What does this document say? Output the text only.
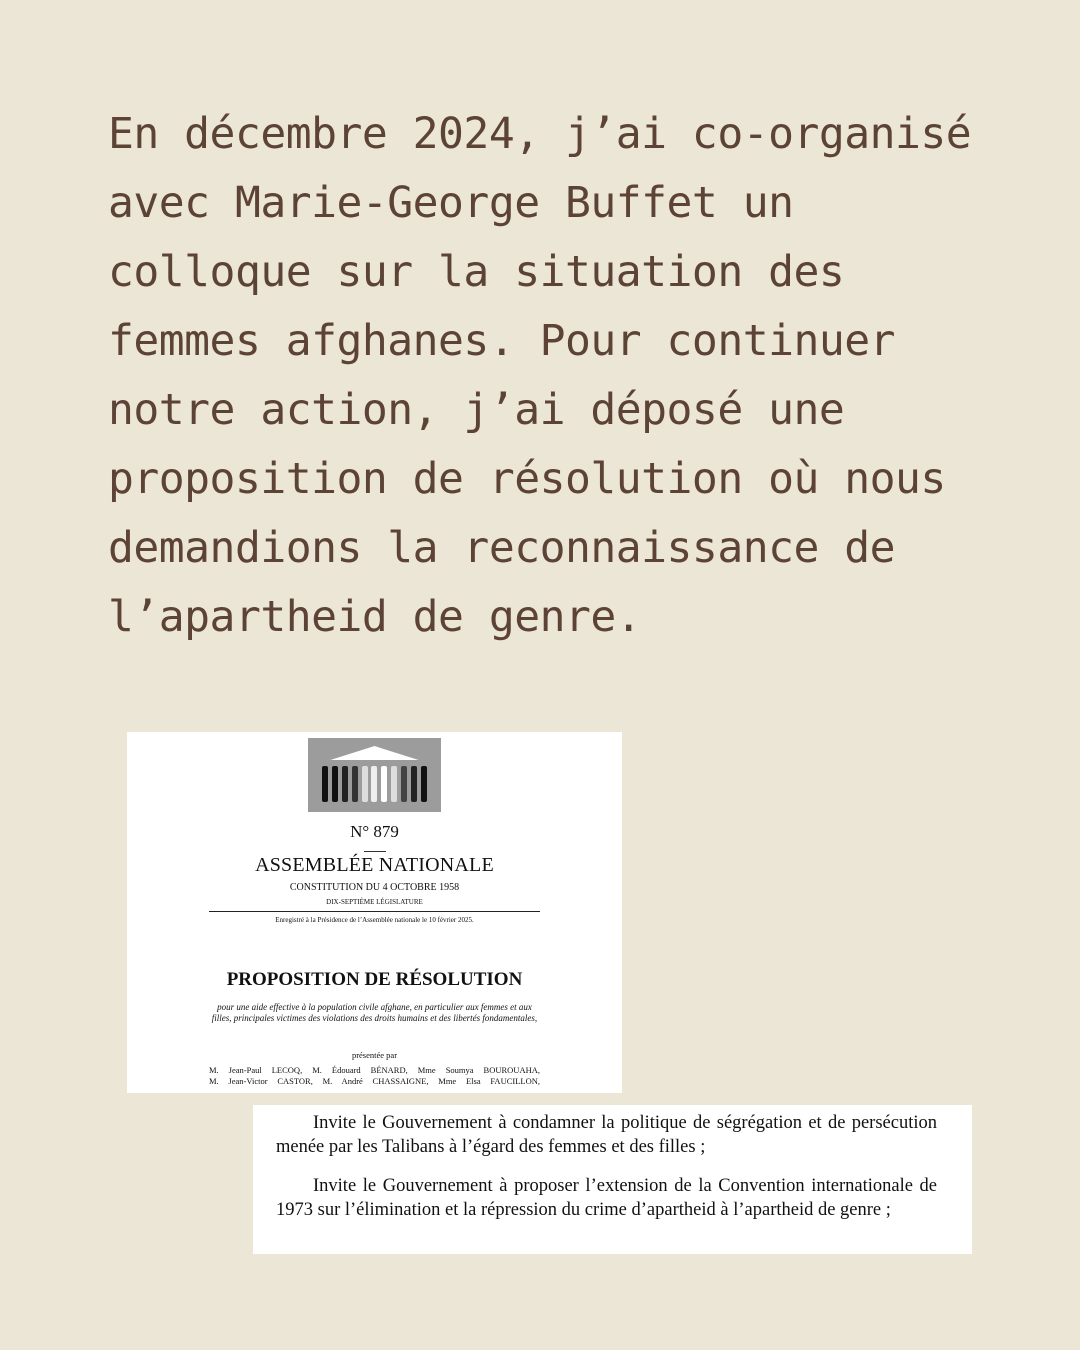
En décembre 2024, j’ai co-organisé avec Marie-George Buffet un colloque sur la situation des femmes afghanes. Pour continuer notre action, j’ai déposé une proposition de résolution où nous demandions la reconnaissance de l’apartheid de genre.

N° 879
ASSEMBLÉE NATIONALE
CONSTITUTION DU 4 OCTOBRE 1958
DIX-SEPTIÈME LÉGISLATURE
Enregistré à la Présidence de l’Assemblée nationale le 10 février 2025.
PROPOSITION DE RÉSOLUTION
pour une aide effective à la population civile afghane, en particulier aux femmes et aux filles, principales victimes des violations des droits humains et des libertés fondamentales,
présentée par
M. Jean-Paul LECOQ, M. Édouard BÉNARD, Mme Soumya BOUROUAHA,
M. Jean-Victor CASTOR, M. André CHASSAIGNE, Mme Elsa FAUCILLON,

Invite le Gouvernement à condamner la politique de ségrégation et de persécution menée par les Talibans à l’égard des femmes et des filles ;

Invite le Gouvernement à proposer l’extension de la Convention internationale de 1973 sur l’élimination et la répression du crime d’apartheid à l’apartheid de genre ;
